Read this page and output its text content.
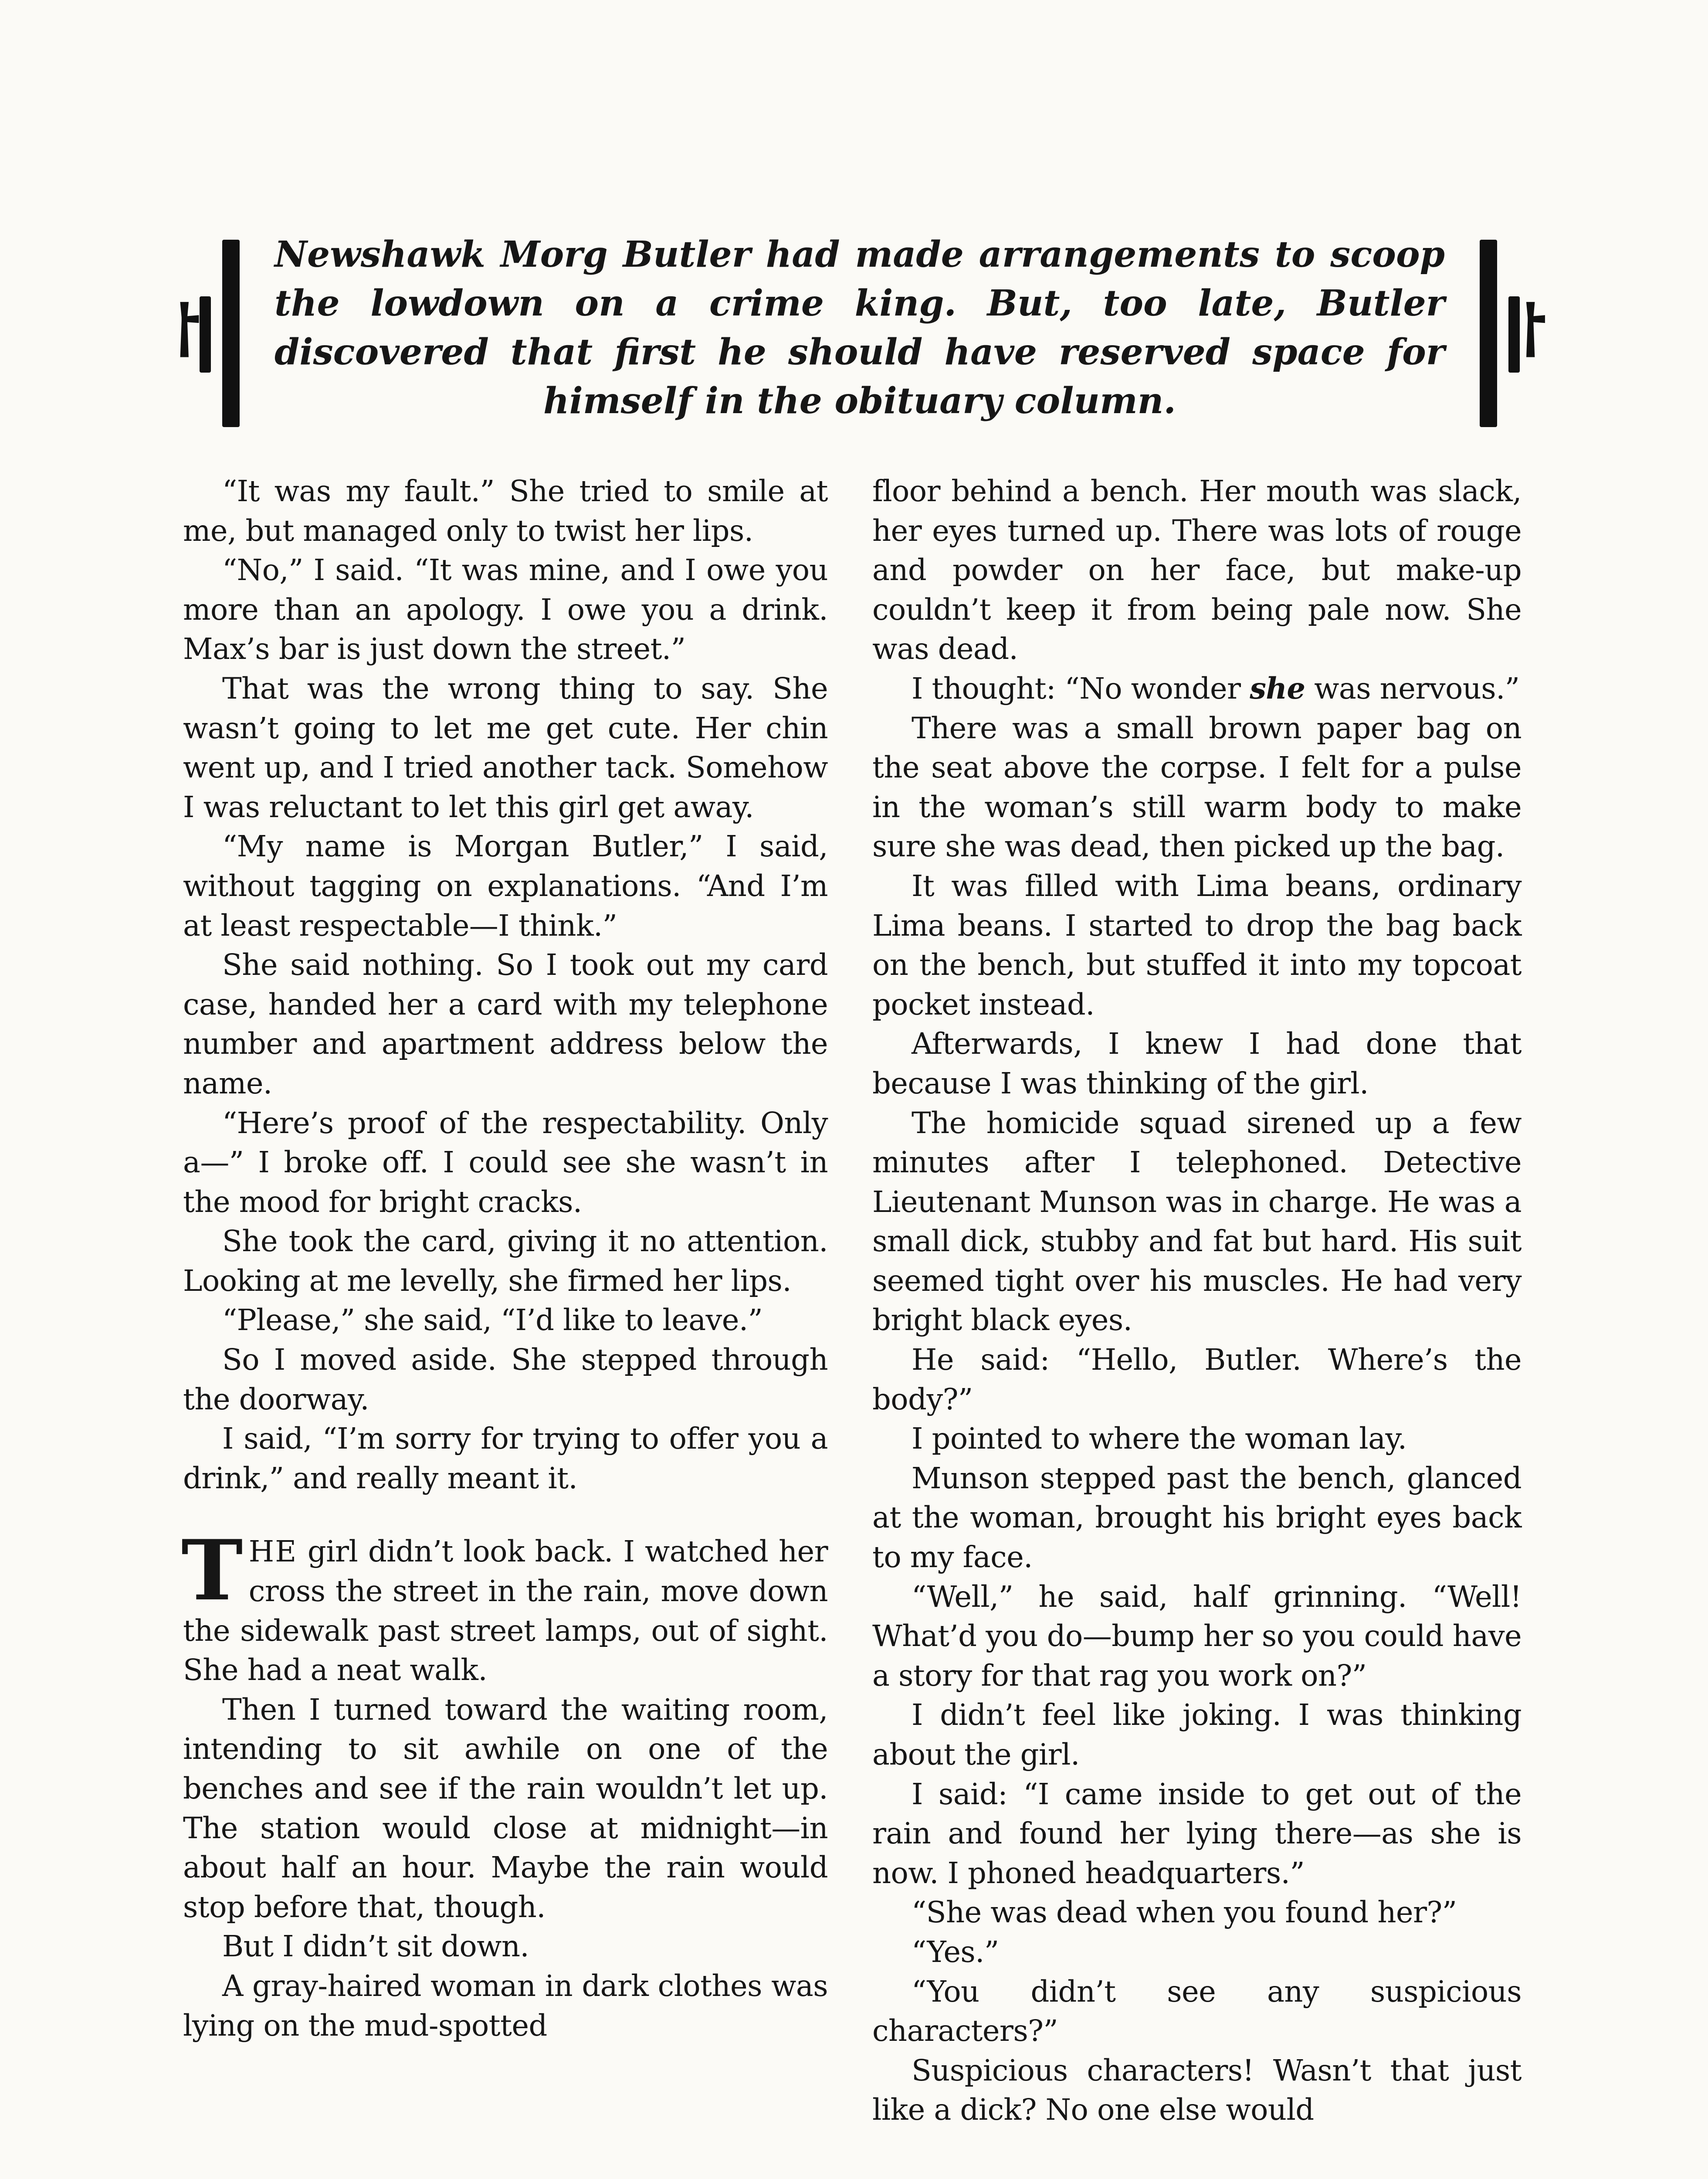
⸷

Newshawk Morg Butler had made arrangements to scoop the lowdown on a crime king. But, too late, Butler discovered that first he should have reserved space for himself in the obituary column.

⸷

“It was my fault.” She tried to smile at me, but managed only to twist her lips.

“No,” I said. “It was mine, and I owe you more than an apology. I owe you a drink. Max’s bar is just down the street.”

That was the wrong thing to say. She wasn’t going to let me get cute. Her chin went up, and I tried another tack. Somehow I was reluctant to let this girl get away.

“My name is Morgan Butler,” I said, without tagging on explanations. “And I’m at least respectable—I think.”

She said nothing. So I took out my card case, handed her a card with my telephone number and apartment address below the name.

“Here’s proof of the respectability. Only a—” I broke off. I could see she wasn’t in the mood for bright cracks.

She took the card, giving it no attention. Looking at me levelly, she firmed her lips.

“Please,” she said, “I’d like to leave.”

So I moved aside. She stepped through the doorway.

I said, “I’m sorry for trying to offer you a drink,” and really meant it.

THE girl didn’t look back. I watched her cross the street in the rain, move down the sidewalk past street lamps, out of sight. She had a neat walk.

Then I turned toward the waiting room, intending to sit awhile on one of the benches and see if the rain wouldn’t let up. The station would close at midnight—in about half an hour. Maybe the rain would stop before that, though.

But I didn’t sit down.

A gray-haired woman in dark clothes was lying on the mud-spotted

floor behind a bench. Her mouth was slack, her eyes turned up. There was lots of rouge and powder on her face, but make-up couldn’t keep it from being pale now. She was dead.

I thought: “No wonder she was nervous.”

There was a small brown paper bag on the seat above the corpse. I felt for a pulse in the woman’s still warm body to make sure she was dead, then picked up the bag.

It was filled with Lima beans, ordinary Lima beans. I started to drop the bag back on the bench, but stuffed it into my topcoat pocket instead.

Afterwards, I knew I had done that because I was thinking of the girl.

The homicide squad sirened up a few minutes after I telephoned. Detective Lieutenant Munson was in charge. He was a small dick, stubby and fat but hard. His suit seemed tight over his muscles. He had very bright black eyes.

He said: “Hello, Butler. Where’s the body?”

I pointed to where the woman lay.

Munson stepped past the bench, glanced at the woman, brought his bright eyes back to my face.

“Well,” he said, half grinning. “Well! What’d you do—bump her so you could have a story for that rag you work on?”

I didn’t feel like joking. I was thinking about the girl.

I said: “I came inside to get out of the rain and found her lying there—as she is now. I phoned headquarters.”

“She was dead when you found her?”

“Yes.”

“You didn’t see any suspicious characters?”

Suspicious characters! Wasn’t that just like a dick? No one else would
